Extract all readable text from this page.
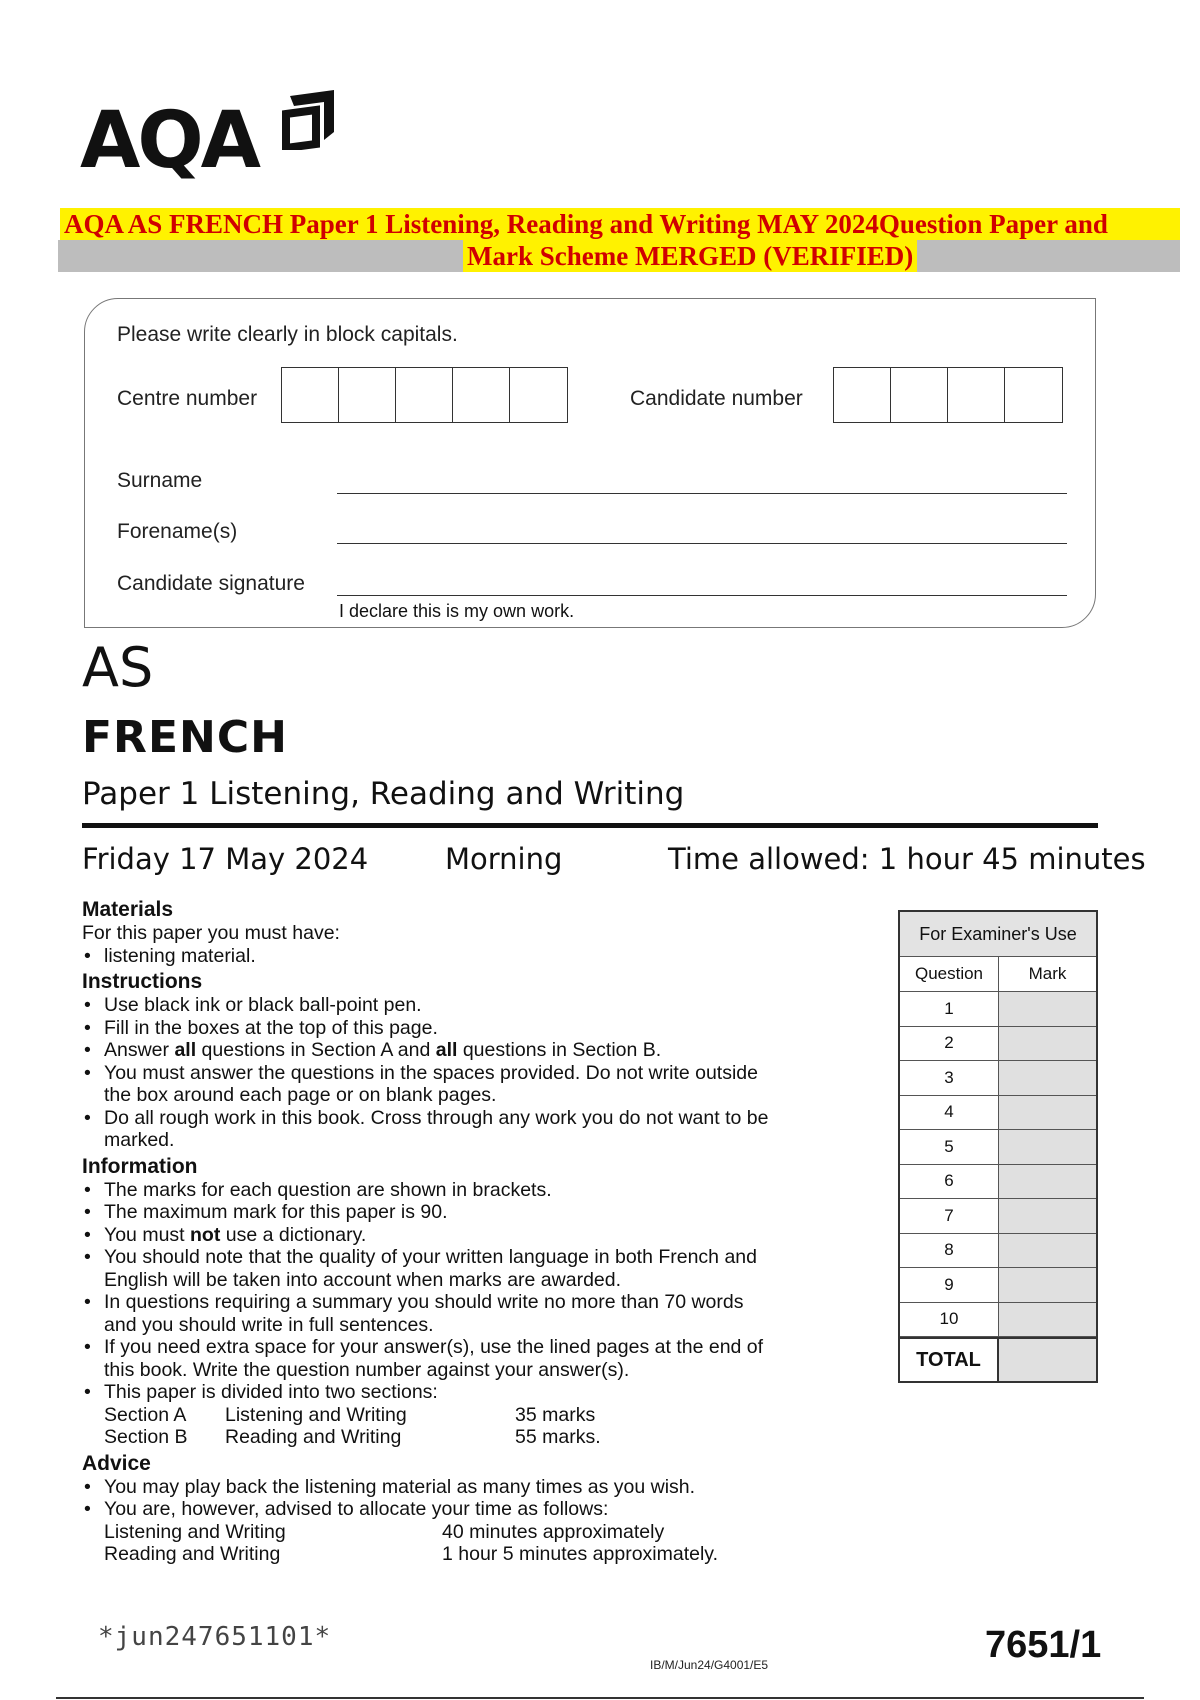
AQA
AQA AS FRENCH Paper 1 Listening, Reading and Writing MAY 2024Question Paper and
Mark Scheme MERGED (VERIFIED)
Please write clearly in block capitals.
Centre number	Candidate number
Surname
Forename(s)
Candidate signature
I declare this is my own work.
AS
FRENCH
Paper 1 Listening, Reading and Writing
Friday 17 May 2024	Morning	Time allowed: 1 hour 45 minutes
Materials
For this paper you must have:
• listening material.
Instructions
• Use black ink or black ball-point pen.
• Fill in the boxes at the top of this page.
• Answer all questions in Section A and all questions in Section B.
• You must answer the questions in the spaces provided. Do not write outside
the box around each page or on blank pages.
• Do all rough work in this book. Cross through any work you do not want to be
marked.
Information
• The marks for each question are shown in brackets.
• The maximum mark for this paper is 90.
• You must not use a dictionary.
• You should note that the quality of your written language in both French and
English will be taken into account when marks are awarded.
• In questions requiring a summary you should write no more than 70 words
and you should write in full sentences.
• If you need extra space for your answer(s), use the lined pages at the end of
this book. Write the question number against your answer(s).
• This paper is divided into two sections:
Section A	Listening and Writing	35 marks
Section B	Reading and Writing	55 marks.
Advice
• You may play back the listening material as many times as you wish.
• You are, however, advised to allocate your time as follows:
Listening and Writing	40 minutes approximately
Reading and Writing	1 hour 5 minutes approximately.
For Examiner's Use
Question	Mark
1
2
3
4
5
6
7
8
9
10
TOTAL
*jun247651101*
IB/M/Jun24/G4001/E5	7651/1
